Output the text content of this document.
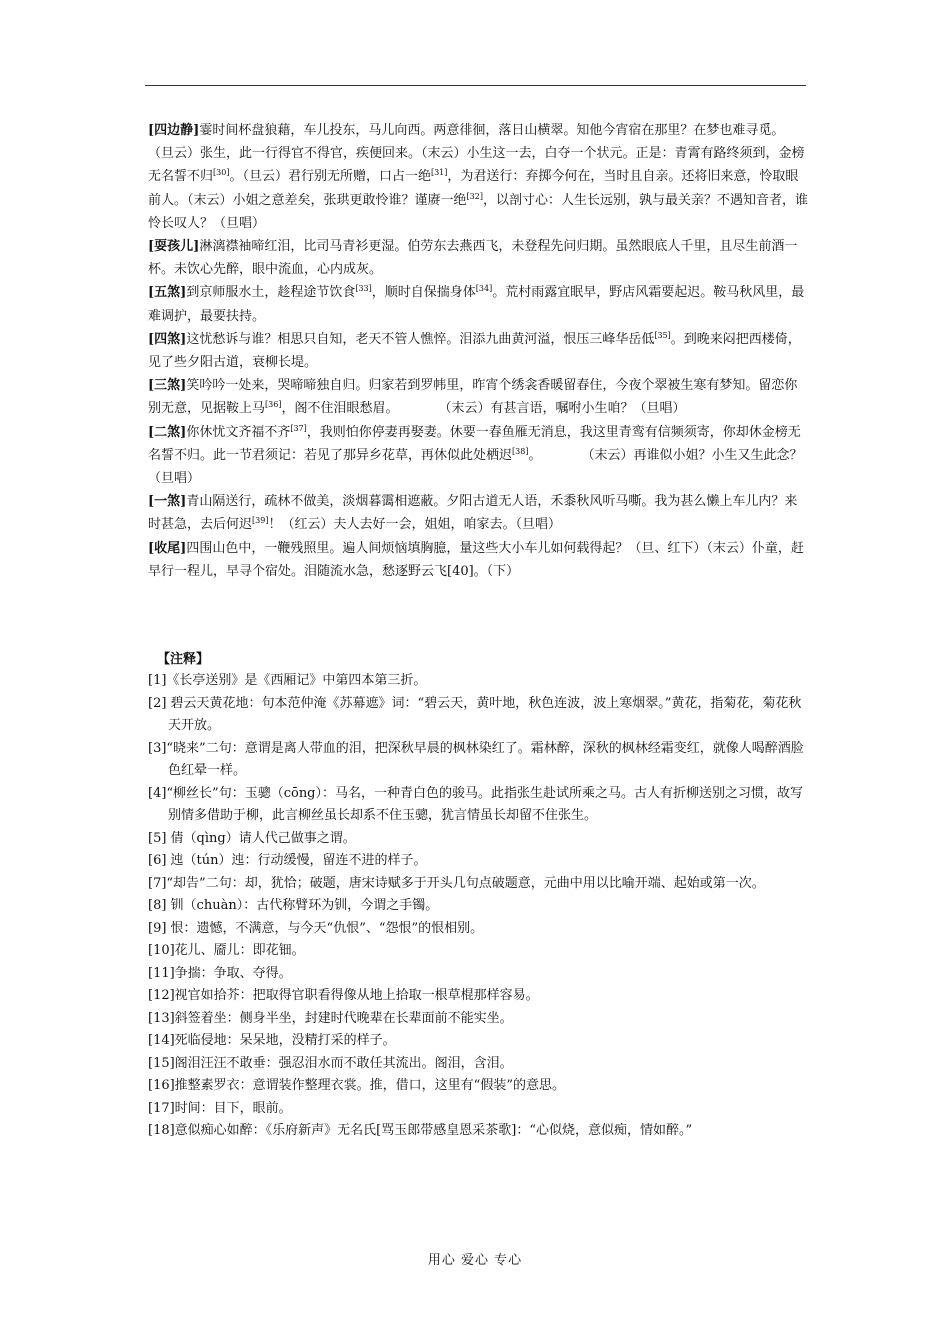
[四边静]霎时间杯盘狼藉，车儿投东，马儿向西。两意徘徊，落日山横翠。知他今宵宿在那里？在梦也难寻觅。

（旦云）张生，此一行得官不得官，疾便回来。（末云）小生这一去，白夺一个状元。正是：青霄有路终须到，金榜无名誓不归[30]。（旦云）君行别无所赠，口占一绝[31]，为君送行：弃掷今何在，当时且自亲。还将旧来意，怜取眼前人。（末云）小姐之意差矣，张珙更敢怜谁？谨赓一绝[32]，以剖寸心：人生长远别，孰与最关亲？不遇知音者，谁怜长叹人？（旦唱）

[耍孩儿]淋漓襟袖啼红泪，比司马青衫更湿。伯劳东去燕西飞，未登程先问归期。虽然眼底人千里，且尽生前酒一杯。未饮心先醉，眼中流血，心内成灰。

[五煞]到京师服水土，趁程途节饮食[33]，顺时自保揣身体[34]。荒村雨露宜眠早，野店风霜要起迟。鞍马秋风里，最难调护，最要扶持。

[四煞]这忧愁诉与谁？相思只自知，老天不管人憔悴。泪添九曲黄河溢，恨压三峰华岳低[35]。到晚来闷把西楼倚，见了些夕阳古道，衰柳长堤。

[三煞]笑吟吟一处来，哭啼啼独自归。归家若到罗帏里，昨宵个绣衾香暖留春住，今夜个翠被生寒有梦知。留恋你别无意，见据鞍上马[36]，阁不住泪眼愁眉。	（末云）有甚言语，嘱咐小生咱？（旦唱）

[二煞]你休忧文齐福不齐[37]，我则怕你停妻再娶妻。休要一春鱼雁无消息，我这里青鸾有信频须寄，你却休金榜无名誓不归。此一节君须记：若见了那异乡花草，再休似此处栖迟[38]。	（末云）再谁似小姐？小生又生此念？（旦唱）

[一煞]青山隔送行，疏林不做美，淡烟暮霭相遮蔽。夕阳古道无人语，禾黍秋风听马嘶。我为甚么懒上车儿内？来时甚急，去后何迟[39]！（红云）夫人去好一会，姐姐，咱家去。（旦唱）

[收尾]四围山色中，一鞭残照里。遍人间烦恼填胸臆，量这些大小车儿如何载得起？（旦、红下）（末云）仆童，赶早行一程儿，早寻个宿处。泪随流水急，愁逐野云飞[40]。（下）

【注释】

[1]《长亭送别》是《西厢记》中第四本第三折。

[2] 碧云天黄花地：句本范仲淹《苏幕遮》词：“碧云天，黄叶地，秋色连波，波上寒烟翠。”黄花，指菊花，菊花秋天开放。

[3]“晓来”二句：意谓是离人带血的泪，把深秋早晨的枫林染红了。霜林醉，深秋的枫林经霜变红，就像人喝醉酒脸色红晕一样。

[4]“柳丝长”句：玉骢（cōng）：马名，一种青白色的骏马。此指张生赴试所乘之马。古人有折柳送别之习惯，故写别情多借助于柳，此言柳丝虽长却系不住玉骢，犹言情虽长却留不住张生。

[5] 倩（qìng）请人代己做事之谓。

[6] 迍（tún）迍：行动缓慢，留连不进的样子。

[7]“却告”二句：却，犹恰；破题，唐宋诗赋多于开头几句点破题意，元曲中用以比喻开端、起始或第一次。

[8] 钏（chuàn）：古代称臂环为钏，今谓之手镯。

[9] 恨：遗憾，不满意，与今天“仇恨”、“怨恨”的恨相别。

[10]花儿、靥儿：即花钿。

[11]争揣：争取、夺得。

[12]视官如拾芥：把取得官职看得像从地上拾取一根草棍那样容易。

[13]斜签着坐：侧身半坐，封建时代晚辈在长辈面前不能实坐。

[14]死临侵地：呆呆地，没精打采的样子。

[15]阁泪汪汪不敢垂：强忍泪水而不敢任其流出。阁泪，含泪。

[16]推整素罗衣：意谓装作整理衣裳。推，借口，这里有“假装”的意思。

[17]时间：目下，眼前。

[18]意似痴心如醉：《乐府新声》无名氏[骂玉郎带感皇恩采茶歌]：“心似烧，意似痴，情如醉。”

用心 爱心 专心
